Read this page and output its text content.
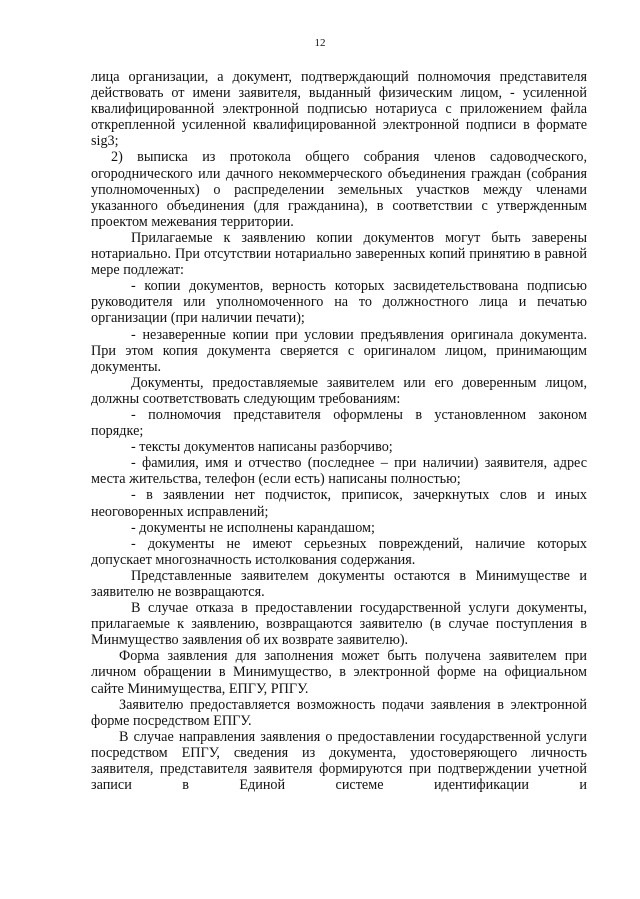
12

лица организации, а документ, подтверждающий полномочия представителя действовать от имени заявителя, выданный физическим лицом, - усиленной квалифицированной электронной подписью нотариуса с приложением файла открепленной усиленной квалифицированной электронной подписи в формате sig3;

2) выписка из протокола общего собрания членов садоводческого, огороднического или дачного некоммерческого объединения граждан (собрания уполномоченных) о распределении земельных участков между членами указанного объединения (для гражданина), в соответствии с утвержденным проектом межевания территории.

Прилагаемые к заявлению копии документов могут быть заверены нотариально. При отсутствии нотариально заверенных копий принятию в равной мере подлежат:

- копии документов, верность которых засвидетельствована подписью руководителя или уполномоченного на то должностного лица и печатью организации (при наличии печати);

- незаверенные копии при условии предъявления оригинала документа. При этом копия документа сверяется с оригиналом лицом, принимающим документы.

Документы, предоставляемые заявителем или его доверенным лицом, должны соответствовать следующим требованиям:

- полномочия представителя оформлены в установленном законом порядке;

- тексты документов написаны разборчиво;

- фамилия, имя и отчество (последнее – при наличии) заявителя, адрес места жительства, телефон (если есть) написаны полностью;

- в заявлении нет подчисток, приписок, зачеркнутых слов и иных неоговоренных исправлений;

- документы не исполнены карандашом;

- документы не имеют серьезных повреждений, наличие которых допускает многозначность истолкования содержания.

Представленные заявителем документы остаются в Минимуществе и заявителю не возвращаются.

В случае отказа в предоставлении государственной услуги документы, прилагаемые к заявлению, возвращаются заявителю (в случае поступления в Минмущество заявления об их возврате заявителю).

Форма заявления для заполнения может быть получена заявителем при личном обращении в Минимущество, в электронной форме на официальном сайте Минимущества, ЕПГУ, РПГУ.

Заявителю предоставляется возможность подачи заявления в электронной форме посредством ЕПГУ.

В случае направления заявления о предоставлении государственной услуги посредством ЕПГУ, сведения из документа, удостоверяющего личность заявителя, представителя заявителя формируются при подтверждении учетной записи в Единой системе идентификации и
